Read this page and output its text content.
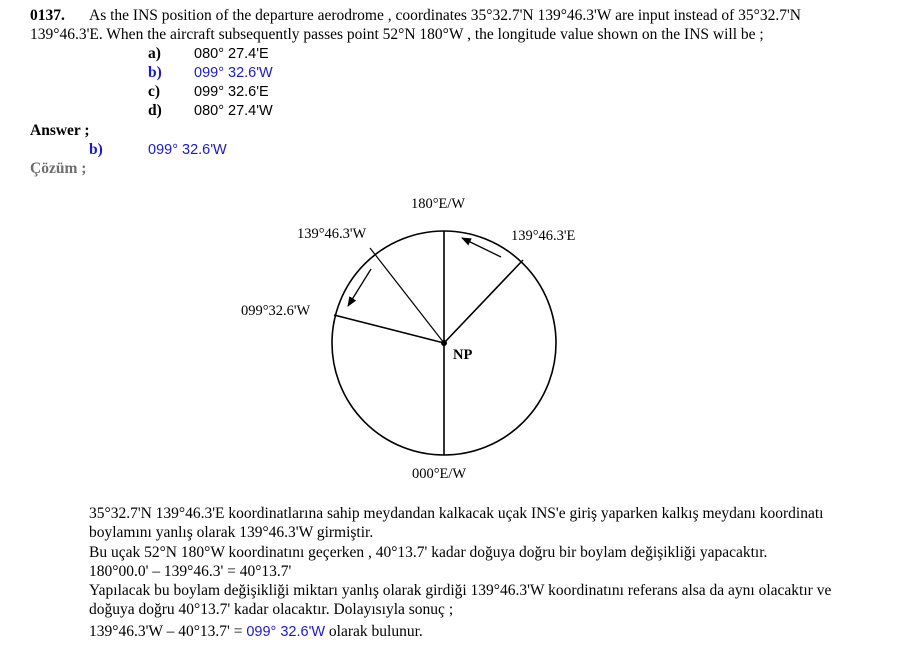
0137. As the INS position of the departure aerodrome , coordinates 35°32.7'N 139°46.3'W are input instead of 35°32.7'N
139°46.3'E. When the aircraft subsequently passes point 52°N 180°W , the longitude value shown on the INS will be ;
a) 080° 27.4'E
b) 099° 32.6'W
c) 099° 32.6'E
d) 080° 27.4'W
Answer ;
b)	099° 32.6'W
Çözüm ;
180°E/W
000°E/W
139°46.3'W	139°46.3'E
099°32.6'W
NP
35°32.7'N 139°46.3'E koordinatlarına sahip meydandan kalkacak uçak INS'e giriş yaparken kalkış meydanı koordinatı
boylamını yanlış olarak 139°46.3'W girmiştir.
Bu uçak 52°N 180°W koordinatını geçerken , 40°13.7' kadar doğuya doğru bir boylam değişikliği yapacaktır.
180°00.0' – 139°46.3' = 40°13.7'
Yapılacak bu boylam değişikliği miktarı yanlış olarak girdiği 139°46.3'W koordinatını referans alsa da aynı olacaktır ve
doğuya doğru 40°13.7' kadar olacaktır. Dolayısıyla sonuç ;
139°46.3'W – 40°13.7' = 099° 32.6'W olarak bulunur.
